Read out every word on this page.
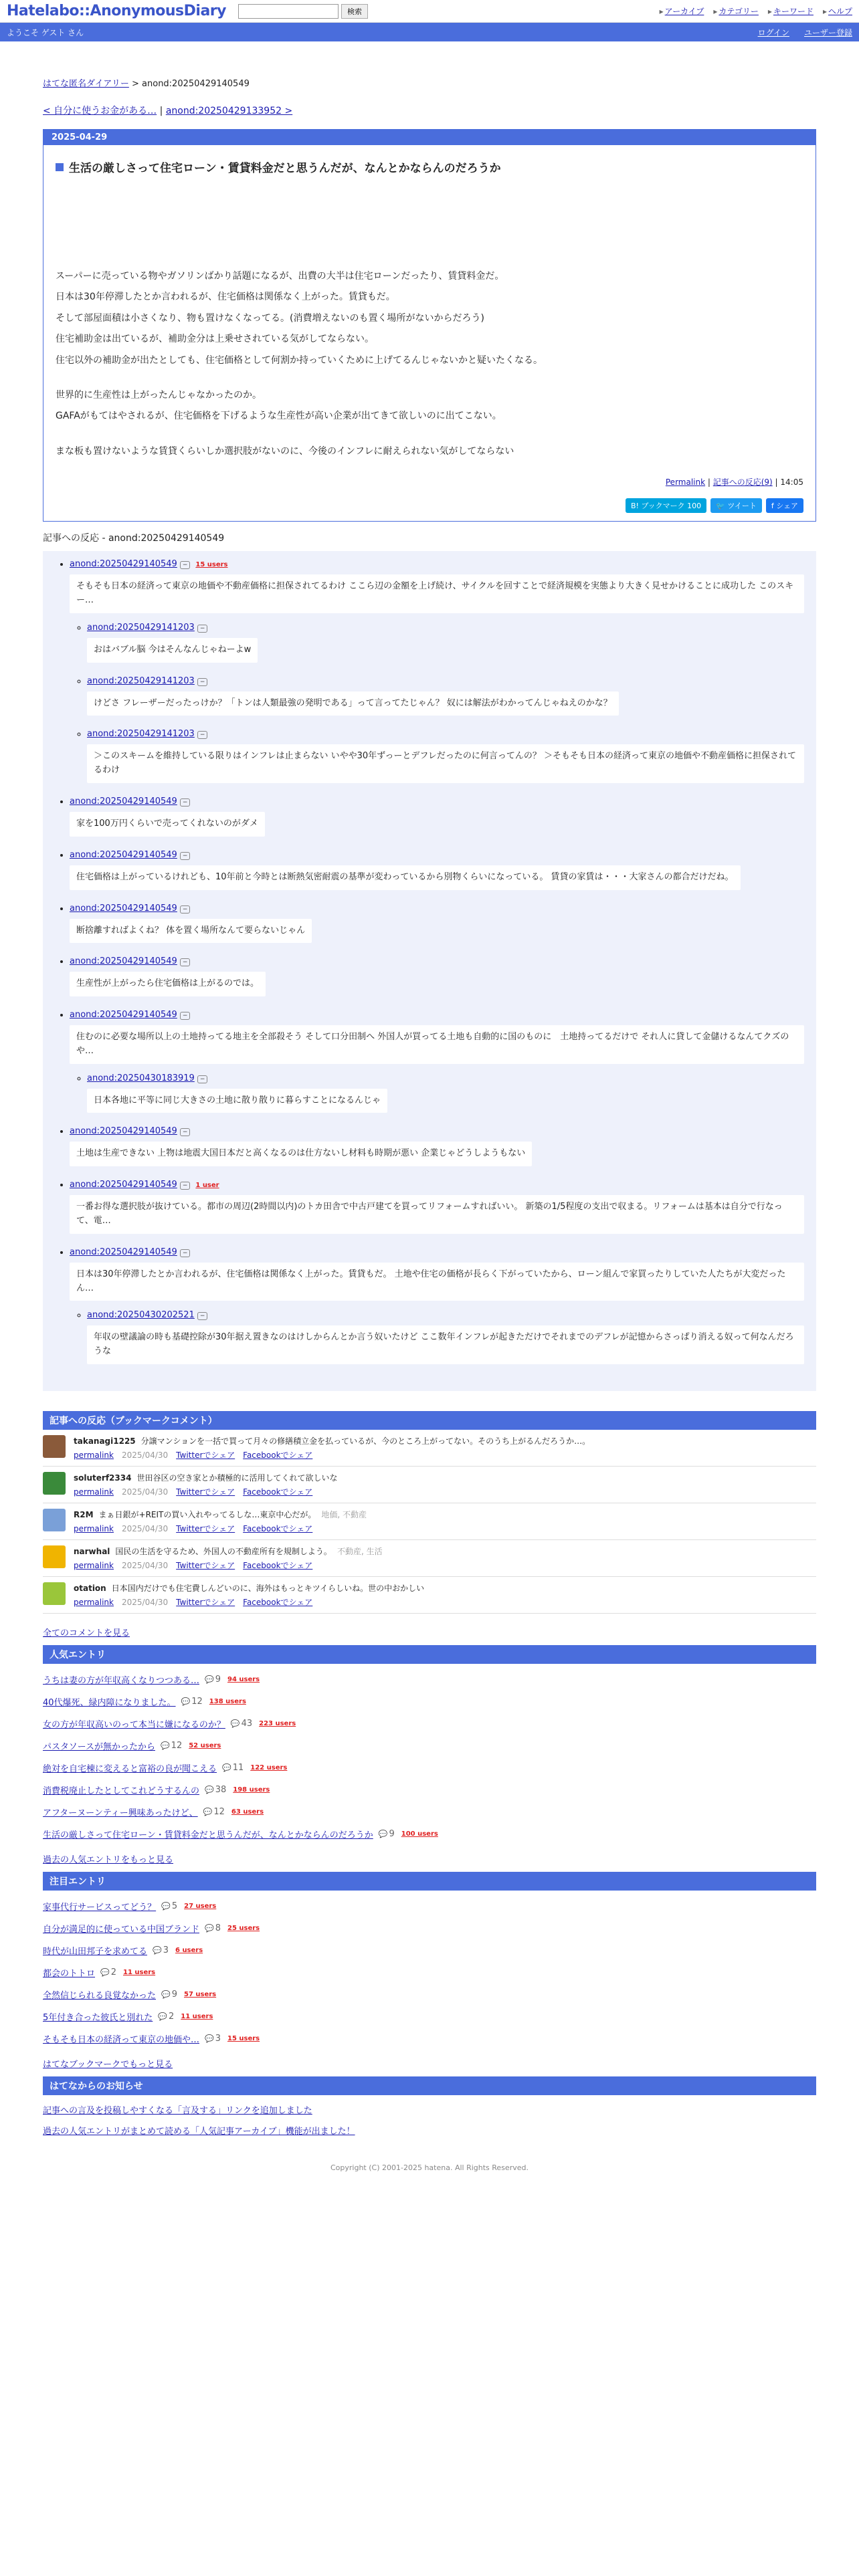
Hatelabo::AnonymousDiary	検索	▸ アーカイブ	▸ カテゴリー	▸ キーワード	▸ ヘルプ
ようこそ ゲスト さん	ログイン ユーザー登録
はてな匿名ダイアリー > anond:20250429140549
< 自分に使うお金がある… | anond:20250429133952 >
2025-04-29
生活の厳しさって住宅ローン・賃貸料金だと思うんだが、なんとかならんのだろうか

スーパーに売っている物やガソリンばかり話題になるが、出費の大半は住宅ローンだったり、賃貸料金だ。

日本は30年停滞したとか言われるが、住宅価格は関係なく上がった。賃貸もだ。

そして部屋面積は小さくなり、物も置けなくなってる。(消費増えないのも置く場所がないからだろう)

住宅補助金は出ているが、補助金分は上乗せされている気がしてならない。

住宅以外の補助金が出たとしても、住宅価格として何割か持っていくために上げてるんじゃないかと疑いたくなる。

世界的に生産性は上がったんじゃなかったのか。

GAFAがもてはやされるが、住宅価格を下げるような生産性が高い企業が出てきて欲しいのに出てこない。

まな板も置けないような賃貸くらいしか選択肢がないのに、今後のインフレに耐えられない気がしてならない

Permalink | 記事への反応(9) | 14:05
B! ブックマーク 100	🐦 ツイート	f シェア
記事への反応 - anond:20250429140549
• anond:20250429140549 − 15 users
そもそも日本の経済って東京の地価や不動産価格に担保されてるわけ ここら辺の金額を上げ続け、サイクルを回すことで経済規模を実態より大きく見せかけることに成功した このスキー…
◦ anond:20250429141203 −
おはバブル脳 今はそんなんじゃねーよw
◦ anond:20250429141203 −
けどさ フレーザーだったっけか？「トンは人類最強の発明である」って言ってたじゃん？ 奴には解法がわかってんじゃねえのかな？
◦ anond:20250429141203 −
＞このスキームを維持している限りはインフレは止まらない いやや30年ずっーとデフレだったのに何言ってんの？ ＞そもそも日本の経済って東京の地価や不動産価格に担保されてるわけ
• anond:20250429140549 −
家を100万円くらいで売ってくれないのがダメ
• anond:20250429140549 −
住宅価格は上がっているけれども、10年前と今時とは断熱気密耐震の基準が変わっているから別物くらいになっている。 賃貸の家賃は・・・大家さんの都合だけだね。
• anond:20250429140549 −
断捨離すればよくね？ 体を置く場所なんて要らないじゃん
• anond:20250429140549 −
生産性が上がったら住宅価格は上がるのでは。
• anond:20250429140549 −
住むのに必要な場所以上の土地持ってる地主を全部殺そう そして口分田制へ 外国人が買ってる土地も自動的に国のものに　土地持ってるだけで それ人に貸して金儲けるなんてクズのや…
◦ anond:20250430183919 −
日本各地に平等に同じ大きさの土地に散り散りに暮らすことになるんじゃ
• anond:20250429140549 −
土地は生産できない 上物は地震大国日本だと高くなるのは仕方ないし材料も時期が悪い 企業じゃどうしようもない
• anond:20250429140549 − 1 user
一番お得な選択肢が抜けている。都市の周辺(2時間以内)のトカ田舎で中古戸建てを買ってリフォームすればいい。 新築の1/5程度の支出で収まる。リフォームは基本は自分で行なって、電…
• anond:20250429140549 −
日本は30年停滞したとか言われるが、住宅価格は関係なく上がった。賃貸もだ。 土地や住宅の価格が長らく下がっていたから、ローン組んで家買ったりしていた人たちが大変だったん…
◦ anond:20250430202521 −
年収の壁議論の時も基礎控除が30年据え置きなのはけしからんとか言う奴いたけど ここ数年インフレが起きただけでそれまでのデフレが記憶からさっぱり消える奴って何なんだろうな
記事への反応（ブックマークコメント）
takanagi1225 分譲マンションを一括で買って月々の修繕積立金を払っているが、今のところ上がってない。そのうち上がるんだろうか…。
permalink 2025/04/30 Twitterでシェア Facebookでシェア
soluterf2334 世田谷区の空き家とか積極的に活用してくれて欲しいな
permalink 2025/04/30 Twitterでシェア Facebookでシェア
R2M まぁ日銀が+REITの買い入れやってるしな…東京中心だが。 地価, 不動産
permalink 2025/04/30 Twitterでシェア Facebookでシェア
narwhal 国民の生活を守るため、外国人の不動産所有を規制しよう。 不動産, 生活
permalink 2025/04/30 Twitterでシェア Facebookでシェア
otation 日本国内だけでも住宅費しんどいのに、海外はもっとキツイらしいね。世の中おかしい
permalink 2025/04/30 Twitterでシェア Facebookでシェア
全てのコメントを見る
人気エントリ
うちは妻の方が年収高くなりつつある…	💬 9 94 users
40代爆死、緑内障になりました。	💬 12 138 users
女の方が年収高いのって本当に嫌になるのか？	💬 43 223 users
パスタソースが無かったから	💬 12 52 users
絶対を自宅棟に変えると富裕の良が聞こえる	💬 11 122 users
消費税廃止したとしてこれどうするんの	💬 38 198 users
アフターヌーンティー興味あったけど、	💬 12 63 users
生活の厳しさって住宅ローン・賃貸料金だと思うんだが、なんとかならんのだろうか	💬 9 100 users
過去の人気エントリをもっと見る
注目エントリ
家事代行サービスってどう？	💬 5 27 users
自分が満足的に使っている中国ブランド	💬 8 25 users
時代が山田邦子を求めてる	💬 3 6 users
都会のトトロ	💬 2 11 users
全然信じられる良覚なかった	💬 9 57 users
5年付き合った彼氏と別れた	💬 2 11 users
そもそも日本の経済って東京の地価や…	💬 3 15 users
はてなブックマークでもっと見る
はてなからのお知らせ
記事への言及を投稿しやすくなる「言及する」リンクを追加しました
過去の人気エントリがまとめて読める「人気記事アーカイブ」機能が出ました！
Copyright (C) 2001-2025 hatena. All Rights Reserved.
